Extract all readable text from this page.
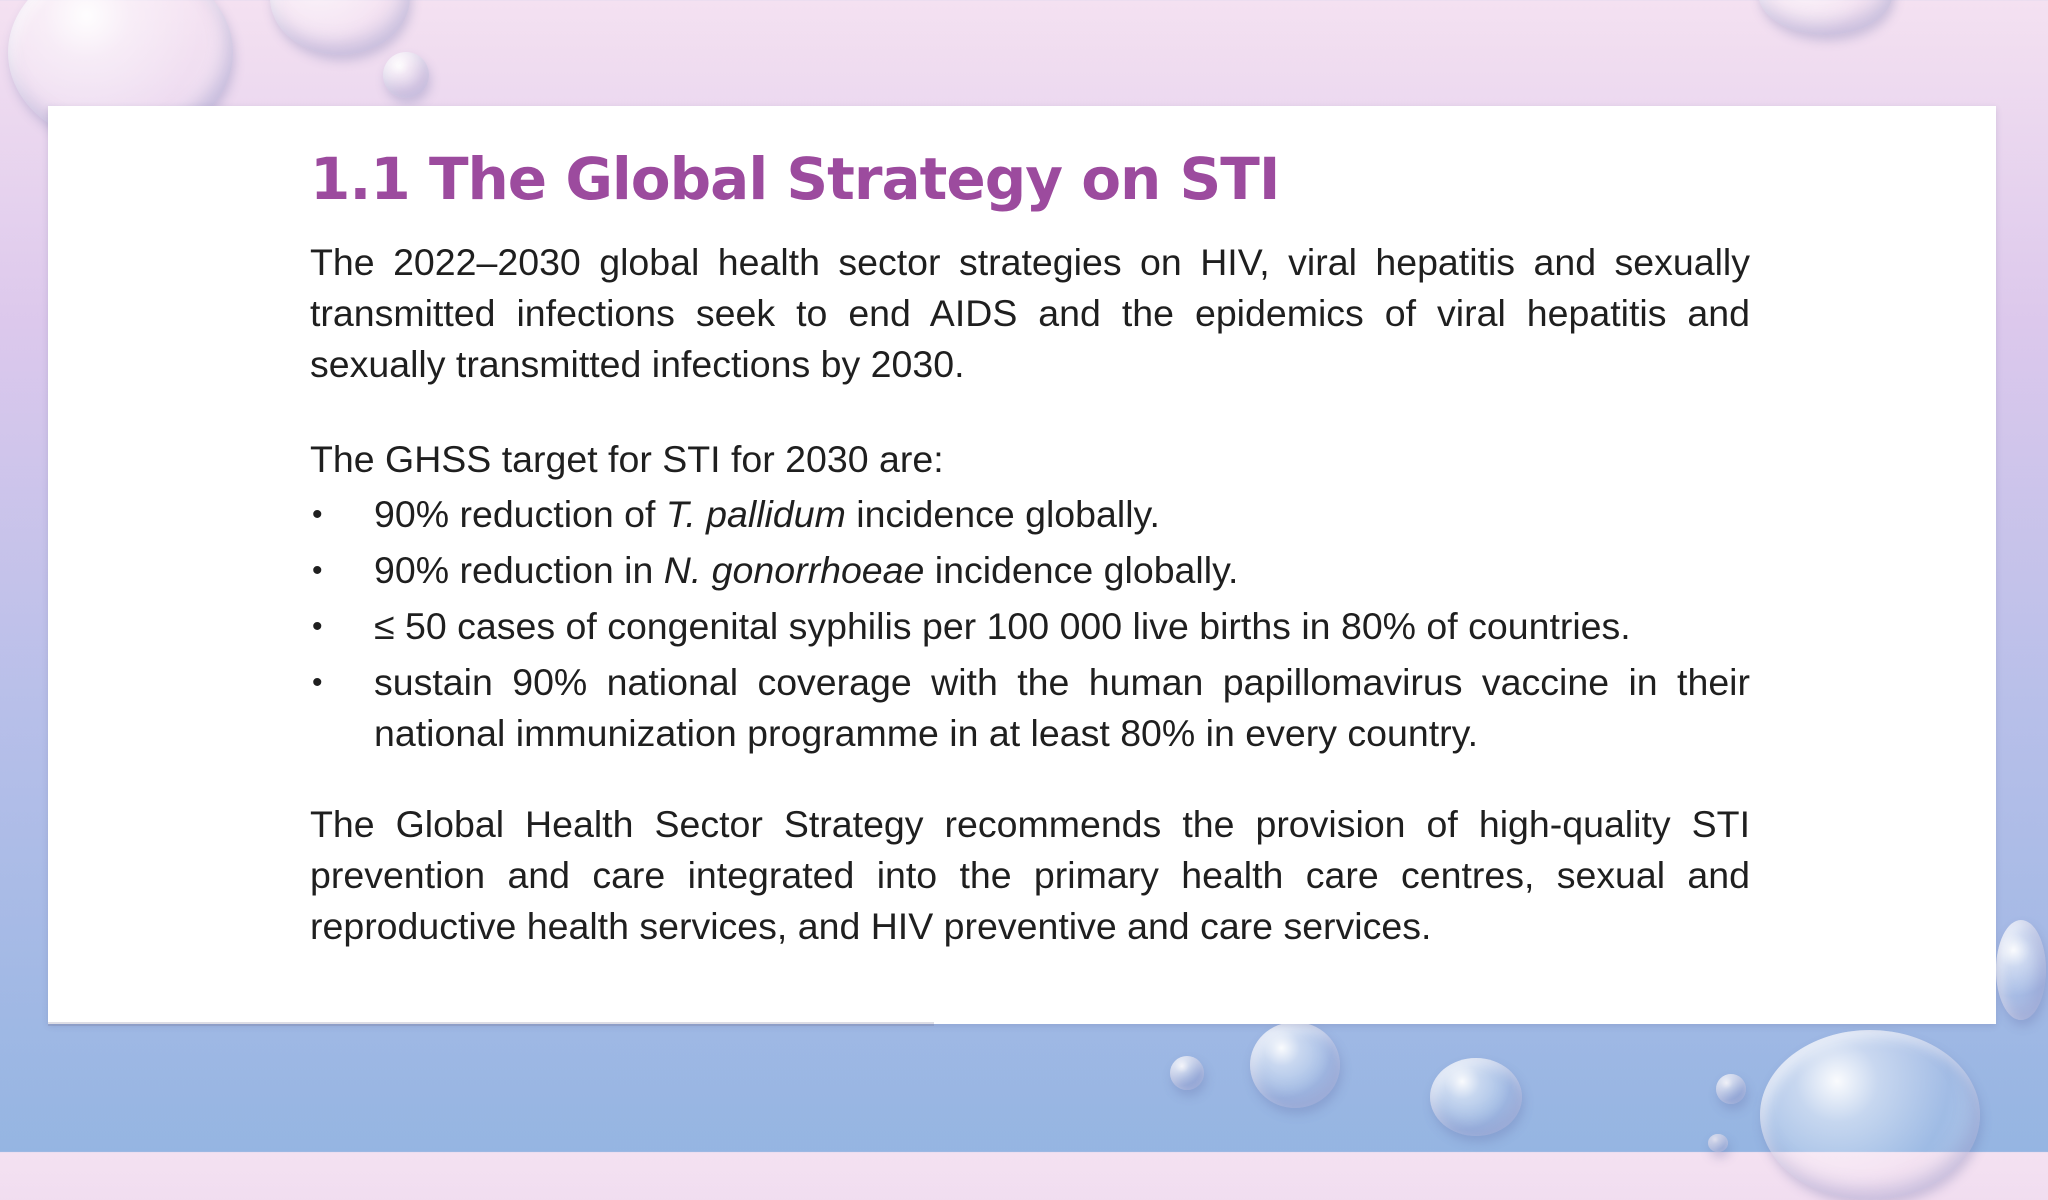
1.1 The Global Strategy on STI

The 2022–2030 global health sector strategies on HIV, viral hepatitis and sexually transmitted infections seek to end AIDS and the epidemics of viral hepatitis and sexually transmitted infections by 2030.

The GHSS target for STI for 2030 are:

• 90% reduction of T. pallidum incidence globally.
• 90% reduction in N. gonorrhoeae incidence globally.
• ≤ 50 cases of congenital syphilis per 100 000 live births in 80% of countries.
• sustain 90% national coverage with the human papillomavirus vaccine in their national immunization programme in at least 80% in every country.

The Global Health Sector Strategy recommends the provision of high-quality STI prevention and care integrated into the primary health care centres, sexual and reproductive health services, and HIV preventive and care services.
